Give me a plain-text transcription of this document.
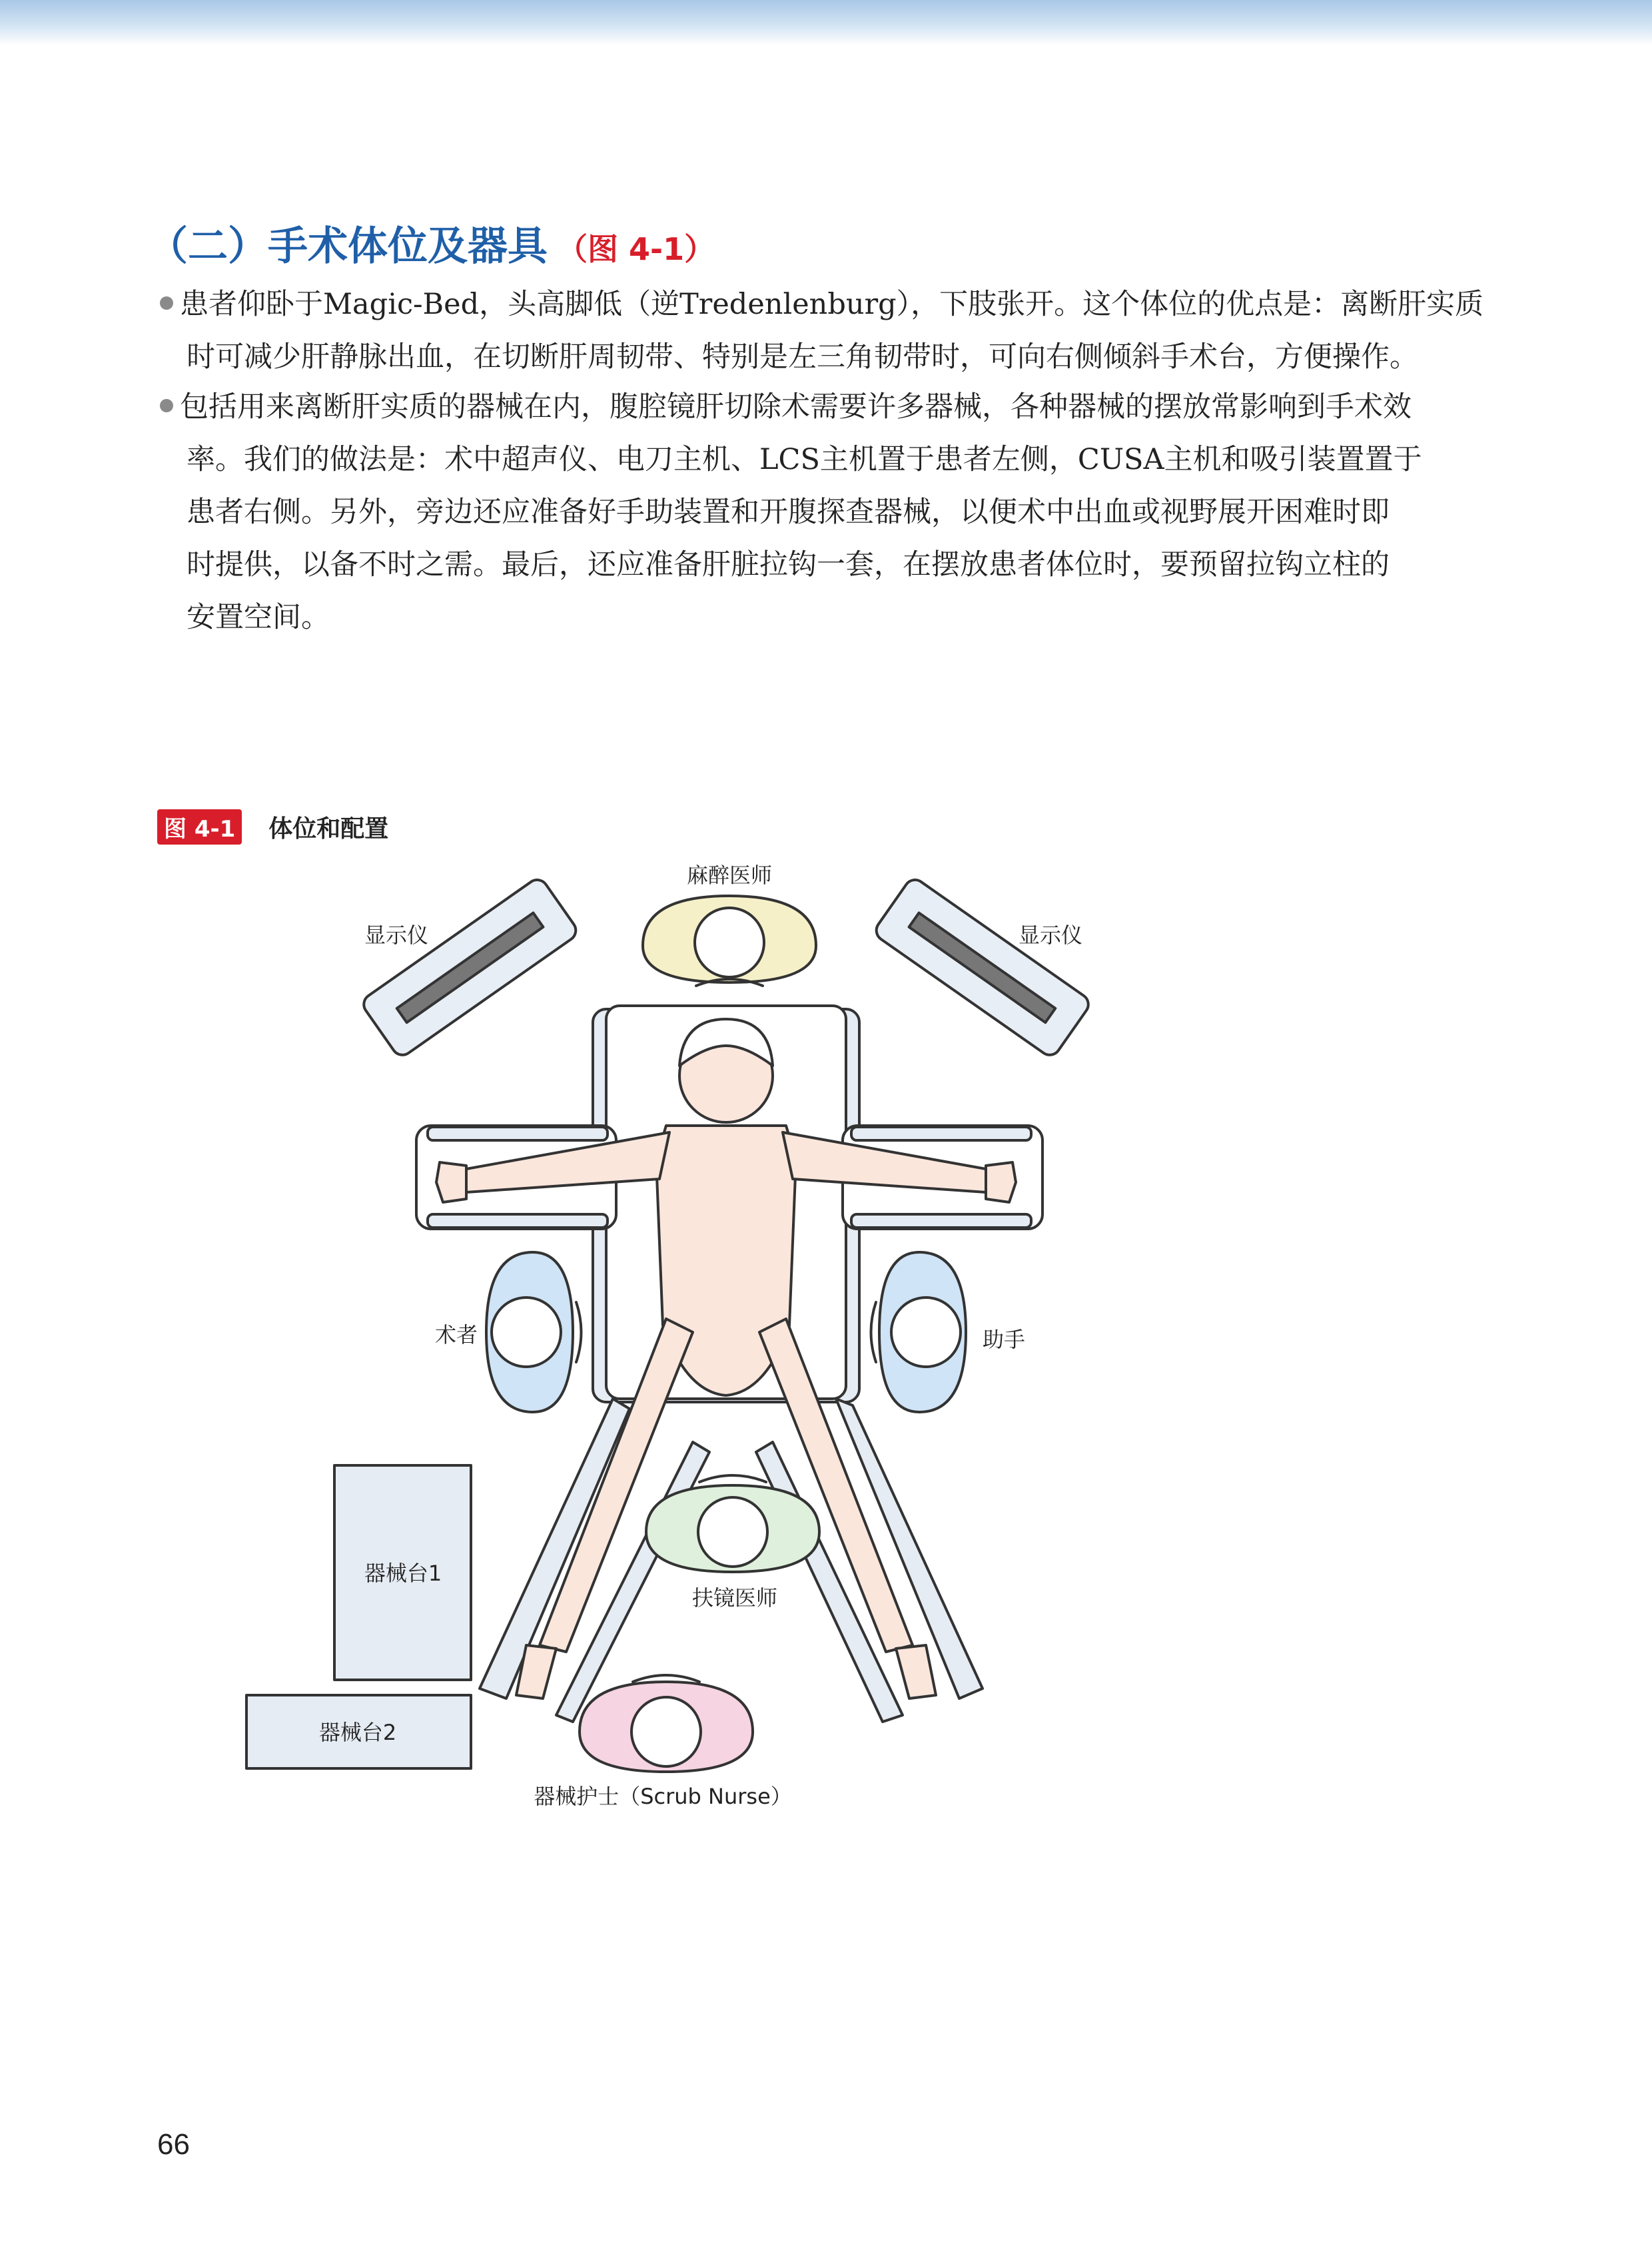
（二）手术体位及器具 （图 4-1）
患者仰卧于Magic-Bed，头高脚低（逆Tredenlenburg），下肢张开。这个体位的优点是：离断肝实质
时可减少肝静脉出血，在切断肝周韧带、特别是左三角韧带时，可向右侧倾斜手术台，方便操作。
包括用来离断肝实质的器械在内，腹腔镜肝切除术需要许多器械，各种器械的摆放常影响到手术效
率。我们的做法是：术中超声仪、电刀主机、LCS主机置于患者左侧，CUSA主机和吸引装置置于
患者右侧。另外，旁边还应准备好手助装置和开腹探查器械，以便术中出血或视野展开困难时即
时提供，以备不时之需。最后，还应准备肝脏拉钩一套，在摆放患者体位时，要预留拉钩立柱的
安置空间。
图 4-1 体位和配置
麻醉医师
显示仪	显示仪
术者	助手
扶镜医师
器械台1
器械台2
器械护士（Scrub Nurse）
66
